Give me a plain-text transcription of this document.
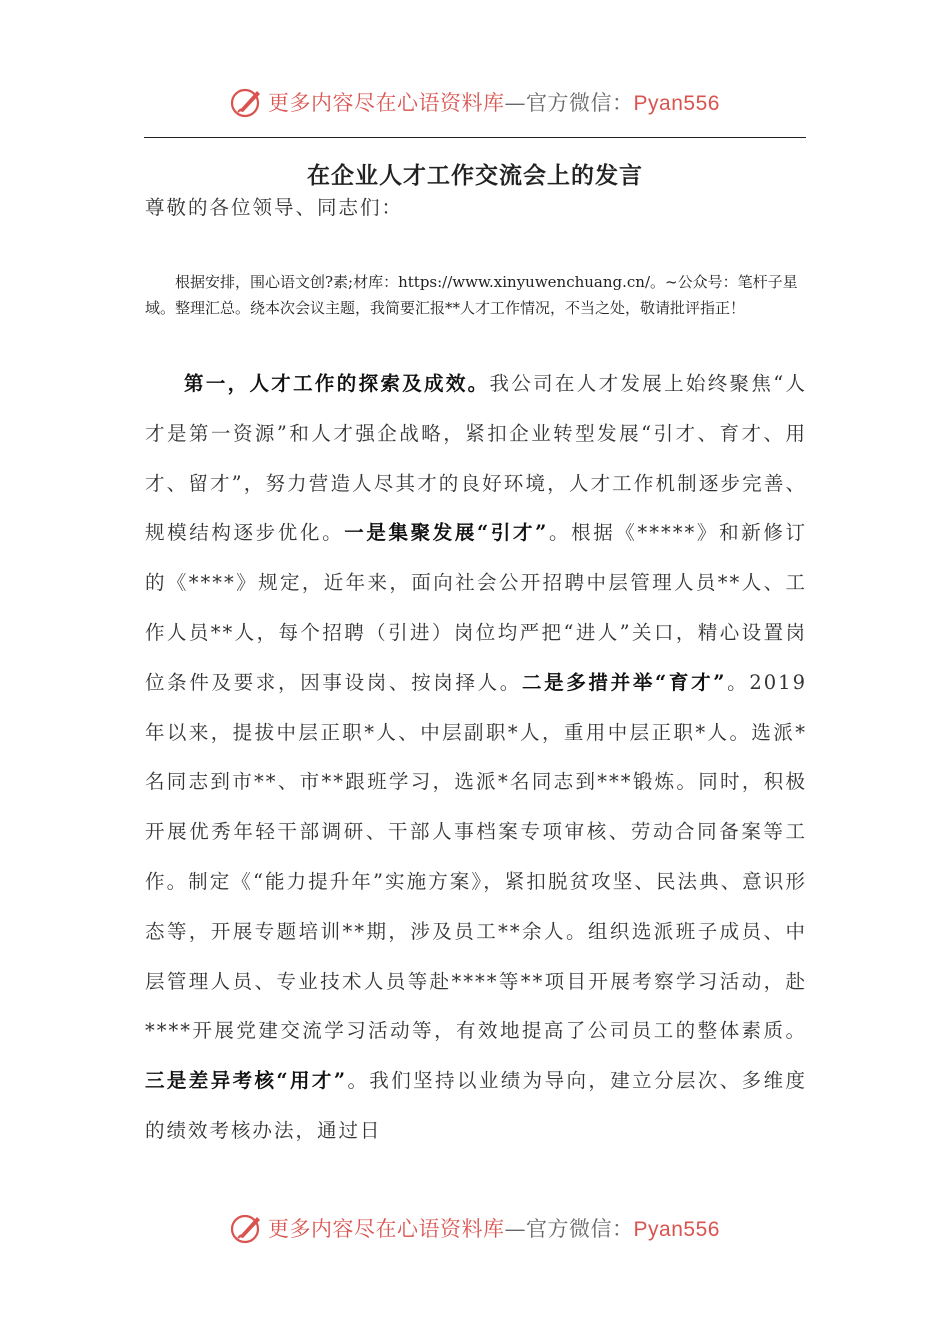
更多内容尽在心语资料库—官方微信：Pyan556
在企业人才工作交流会上的发言
尊敬的各位领导、同志们：
根据安排，围心语文创?素;材库：https://www.xinyuwenchuang.cn/。~公众号：笔杆子星域。整理汇总。绕本次会议主题，我简要汇报**人才工作情况，不当之处，敬请批评指正！
第一，人才工作的探索及成效。我公司在人才发展上始终聚焦“人才是第一资源”和人才强企战略，紧扣企业转型发展“引才、育才、用才、留才”，努力营造人尽其才的良好环境，人才工作机制逐步完善、规模结构逐步优化。一是集聚发展“引才”。根据《*****》和新修订的《****》规定，近年来，面向社会公开招聘中层管理人员**人、工作人员**人，每个招聘（引进）岗位均严把“进人”关口，精心设置岗位条件及要求，因事设岗、按岗择人。二是多措并举“育才”。2019年以来，提拔中层正职*人、中层副职*人，重用中层正职*人。选派*名同志到市**、市**跟班学习，选派*名同志到***锻炼。同时，积极开展优秀年轻干部调研、干部人事档案专项审核、劳动合同备案等工作。制定《“能力提升年”实施方案》，紧扣脱贫攻坚、民法典、意识形态等，开展专题培训**期，涉及员工**余人。组织选派班子成员、中层管理人员、专业技术人员等赴****等**项目开展考察学习活动，赴****开展党建交流学习活动等，有效地提高了公司员工的整体素质。三是差异考核“用才”。我们坚持以业绩为导向，建立分层次、多维度的绩效考核办法，通过日
更多内容尽在心语资料库—官方微信：Pyan556
